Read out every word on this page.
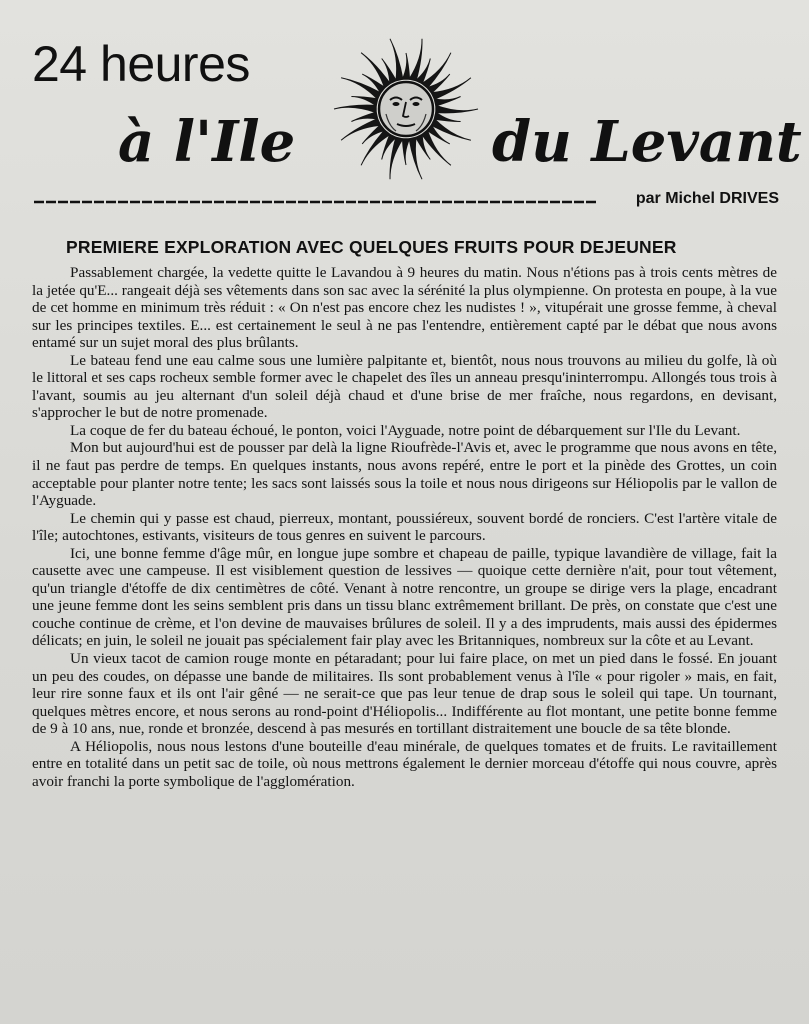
24 heures
à l'Ile	du Levant
par Michel DRIVES
PREMIERE EXPLORATION AVEC QUELQUES FRUITS POUR DEJEUNER

Passablement chargée, la vedette quitte le Lavandou à 9 heures du matin. Nous n'étions pas à trois cents mètres de la jetée qu'E... rangeait déjà ses vêtements dans son sac avec la sérénité la plus olympienne. On protesta en poupe, à la vue de cet homme en minimum très réduit : « On n'est pas encore chez les nudistes ! », vitupérait une grosse femme, à cheval sur les principes textiles. E... est certainement le seul à ne pas l'entendre, entièrement capté par le débat que nous avons entamé sur un sujet moral des plus brûlants.

Le bateau fend une eau calme sous une lumière palpitante et, bientôt, nous nous trouvons au milieu du golfe, là où le littoral et ses caps rocheux semble former avec le chapelet des îles un anneau presqu'ininterrompu. Allongés tous trois à l'avant, soumis au jeu alternant d'un soleil déjà chaud et d'une brise de mer fraîche, nous regardons, en devisant, s'approcher le but de notre promenade.

La coque de fer du bateau échoué, le ponton, voici l'Ayguade, notre point de débarquement sur l'Ile du Levant.

Mon but aujourd'hui est de pousser par delà la ligne Rioufrède-l'Avis et, avec le programme que nous avons en tête, il ne faut pas perdre de temps. En quelques instants, nous avons repéré, entre le port et la pinède des Grottes, un coin acceptable pour planter notre tente; les sacs sont laissés sous la toile et nous nous dirigeons sur Héliopolis par le vallon de l'Ayguade.

Le chemin qui y passe est chaud, pierreux, montant, poussiéreux, souvent bordé de ronciers. C'est l'artère vitale de l'île; autochtones, estivants, visiteurs de tous genres en suivent le parcours.

Ici, une bonne femme d'âge mûr, en longue jupe sombre et chapeau de paille, typique lavandière de village, fait la causette avec une campeuse. Il est visiblement question de lessives — quoique cette dernière n'ait, pour tout vêtement, qu'un triangle d'étoffe de dix centimètres de côté. Venant à notre rencontre, un groupe se dirige vers la plage, encadrant une jeune femme dont les seins semblent pris dans un tissu blanc extrêmement brillant. De près, on constate que c'est une couche continue de crème, et l'on devine de mauvaises brûlures de soleil. Il y a des imprudents, mais aussi des épidermes délicats; en juin, le soleil ne jouait pas spécialement fair play avec les Britanniques, nombreux sur la côte et au Levant.

Un vieux tacot de camion rouge monte en pétaradant; pour lui faire place, on met un pied dans le fossé. En jouant un peu des coudes, on dépasse une bande de militaires. Ils sont probablement venus à l'île « pour rigoler » mais, en fait, leur rire sonne faux et ils ont l'air gêné — ne serait-ce que pas leur tenue de drap sous le soleil qui tape. Un tournant, quelques mètres encore, et nous serons au rond-point d'Héliopolis... Indifférente au flot montant, une petite bonne femme de 9 à 10 ans, nue, ronde et bronzée, descend à pas mesurés en tortillant distraitement une boucle de sa tête blonde.

A Héliopolis, nous nous lestons d'une bouteille d'eau minérale, de quelques tomates et de fruits. Le ravitaillement entre en totalité dans un petit sac de toile, où nous mettrons également le dernier morceau d'étoffe qui nous couvre, après avoir franchi la porte symbolique de l'agglomération.
